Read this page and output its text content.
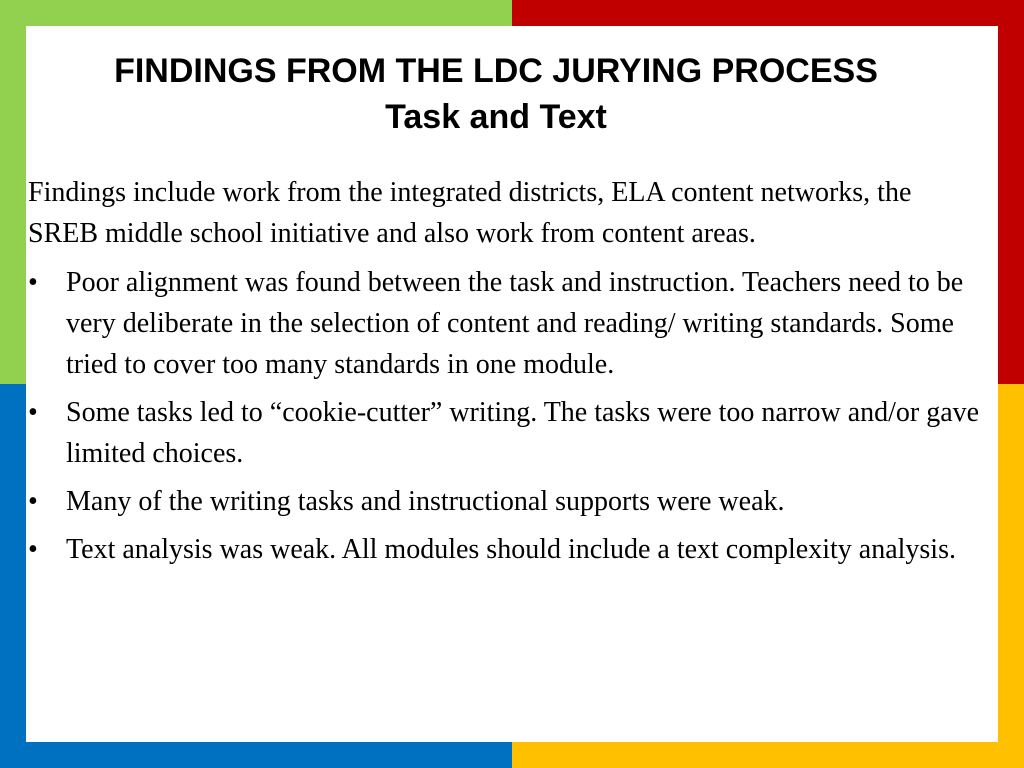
FINDINGS FROM THE LDC JURYING PROCESS
Task and Text

Findings include work from the integrated districts, ELA content networks, the SREB middle school initiative and also work from content areas.

• Poor alignment was found between the task and instruction. Teachers need to be very deliberate in the selection of content and reading/ writing standards. Some tried to cover too many standards in one module.
• Some tasks led to “cookie-cutter” writing. The tasks were too narrow and/or gave limited choices.
• Many of the writing tasks and instructional supports were weak.
• Text analysis was weak. All modules should include a text complexity analysis.
